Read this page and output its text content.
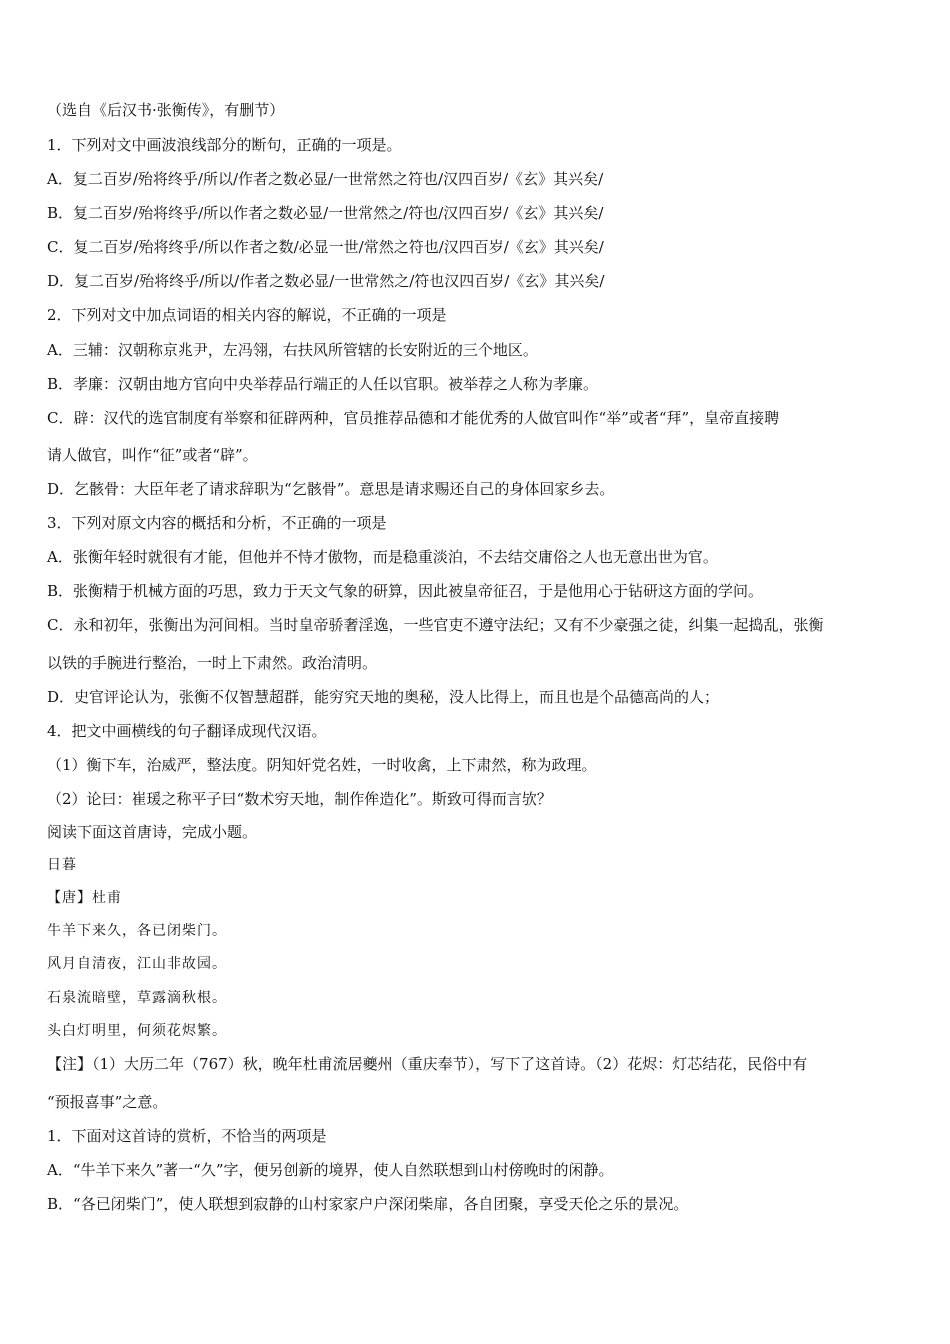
（选自《后汉书·张衡传》，有删节）
1．下列对文中画波浪线部分的断句，正确的一项是。
A．复二百岁/殆将终乎/所以/作者之数必显/一世常然之符也/汉四百岁/《玄》其兴矣/
B．复二百岁/殆将终乎/所以作者之数必显/一世常然之/符也/汉四百岁/《玄》其兴矣/
C．复二百岁/殆将终乎/所以作者之数/必显一世/常然之符也/汉四百岁/《玄》其兴矣/
D．复二百岁/殆将终乎/所以/作者之数必显/一世常然之/符也汉四百岁/《玄》其兴矣/
2．下列对文中加点词语的相关内容的解说，不正确的一项是
A．三辅：汉朝称京兆尹，左冯翎，右扶风所管辖的长安附近的三个地区。
B．孝廉：汉朝由地方官向中央举荐品行端正的人任以官职。被举荐之人称为孝廉。
C．辟：汉代的选官制度有举察和征辟两种，官员推荐品德和才能优秀的人做官叫作“举”或者“拜”，皇帝直接聘
请人做官，叫作“征”或者“辟”。
D．乞骸骨：大臣年老了请求辞职为“乞骸骨”。意思是请求赐还自己的身体回家乡去。
3．下列对原文内容的概括和分析，不正确的一项是
A．张衡年轻时就很有才能，但他并不恃才傲物，而是稳重淡泊，不去结交庸俗之人也无意出世为官。
B．张衡精于机械方面的巧思，致力于天文气象的研算，因此被皇帝征召，于是他用心于钻研这方面的学问。
C．永和初年，张衡出为河间相。当时皇帝骄奢淫逸，一些官吏不遵守法纪；又有不少豪强之徒，纠集一起捣乱，张衡
以铁的手腕进行整治，一时上下肃然。政治清明。
D．史官评论认为，张衡不仅智慧超群，能穷究天地的奥秘，没人比得上，而且也是个品德高尚的人；
4．把文中画横线的句子翻译成现代汉语。
（1）衡下车，治威严，整法度。阴知奸党名姓，一时收禽，上下肃然，称为政理。
（2）论曰：崔瑗之称平子曰“数术穷天地，制作侔造化”。斯致可得而言欤？
阅读下面这首唐诗，完成小题。
日暮
【唐】杜甫
牛羊下来久，各已闭柴门。
风月自清夜，江山非故园。
石泉流暗壁，草露滴秋根。
头白灯明里，何须花烬繁。
【注】（1）大历二年（767）秋，晚年杜甫流居夔州（重庆奉节），写下了这首诗。（2）花烬：灯芯结花，民俗中有
“预报喜事”之意。
1．下面对这首诗的赏析，不恰当的两项是
A．“牛羊下来久”著一“久”字，便另创新的境界，使人自然联想到山村傍晚时的闲静。
B．“各已闭柴门”，使人联想到寂静的山村家家户户深闭柴扉，各自团聚，享受天伦之乐的景况。
